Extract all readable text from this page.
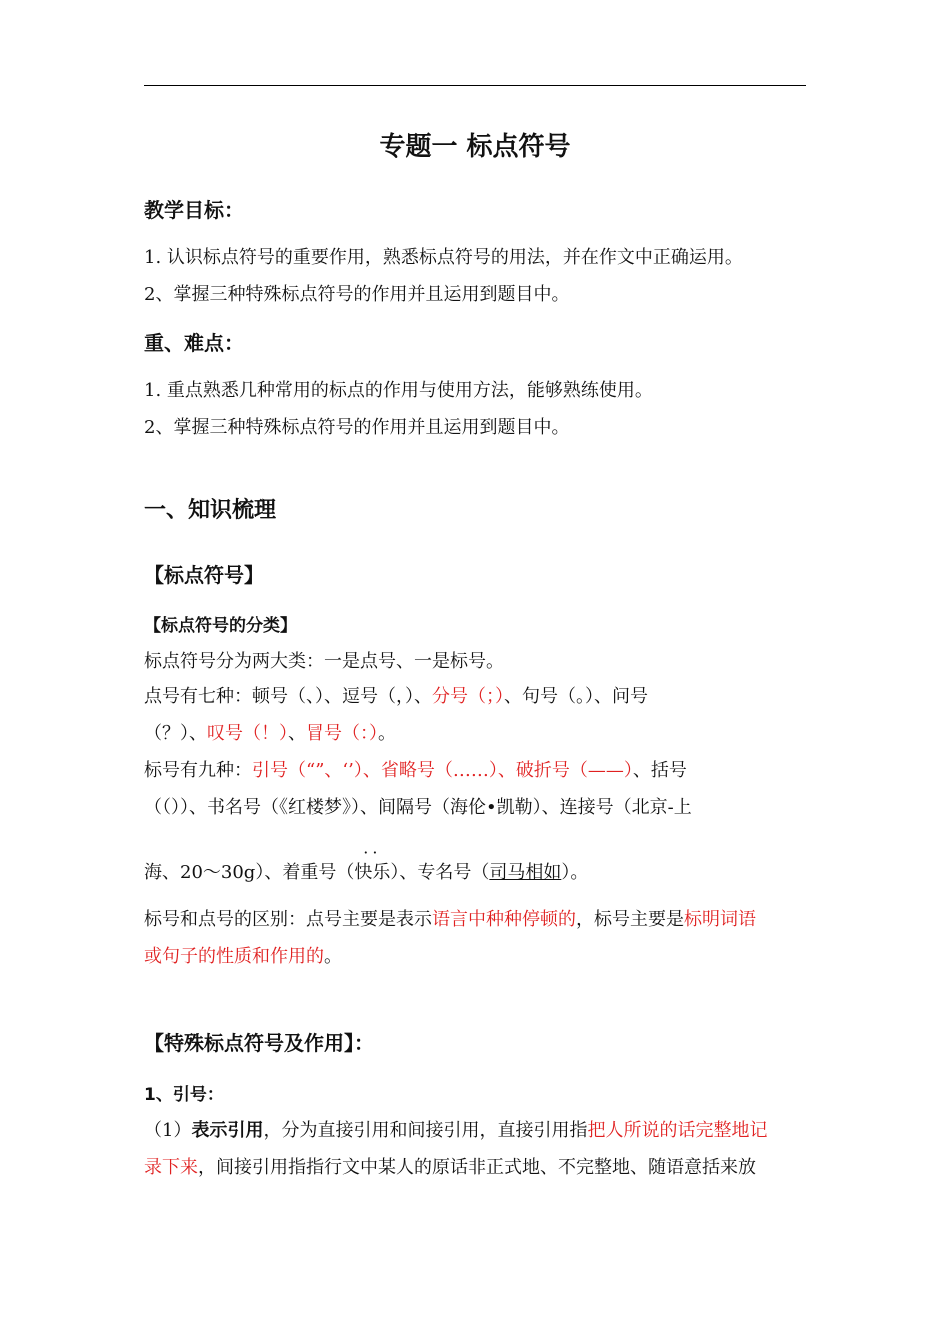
专题一 标点符号
教学目标：
1. 认识标点符号的重要作用，熟悉标点符号的用法，并在作文中正确运用。
2、掌握三种特殊标点符号的作用并且运用到题目中。
重、难点：
1. 重点熟悉几种常用的标点的作用与使用方法，能够熟练使用。
2、掌握三种特殊标点符号的作用并且运用到题目中。
一、知识梳理
【标点符号】
【标点符号的分类】
标点符号分为两大类：一是点号、一是标号。
点号有七种：顿号（、）、逗号（，）、分号（；）、句号（。）、问号
（？）、叹号（！）、冒号（：）。
标号有九种：引号（“”、‘’）、省略号（……）、破折号（——）、括号
（（））、书名号（《红楼梦》）、间隔号（海伦•凯勒）、连接号（北京-上
海、20～30g）、着重号（
··
快乐）、专名号（司马相如）。
标号和点号的区别：点号主要是表示语言中种种停顿的，标号主要是标明词语
或句子的性质和作用的。
【特殊标点符号及作用】：
1、引号：
（1）表示引用，分为直接引用和间接引用，直接引用指把人所说的话完整地记
录下来，间接引用指指行文中某人的原话非正式地、不完整地、随语意括来放
